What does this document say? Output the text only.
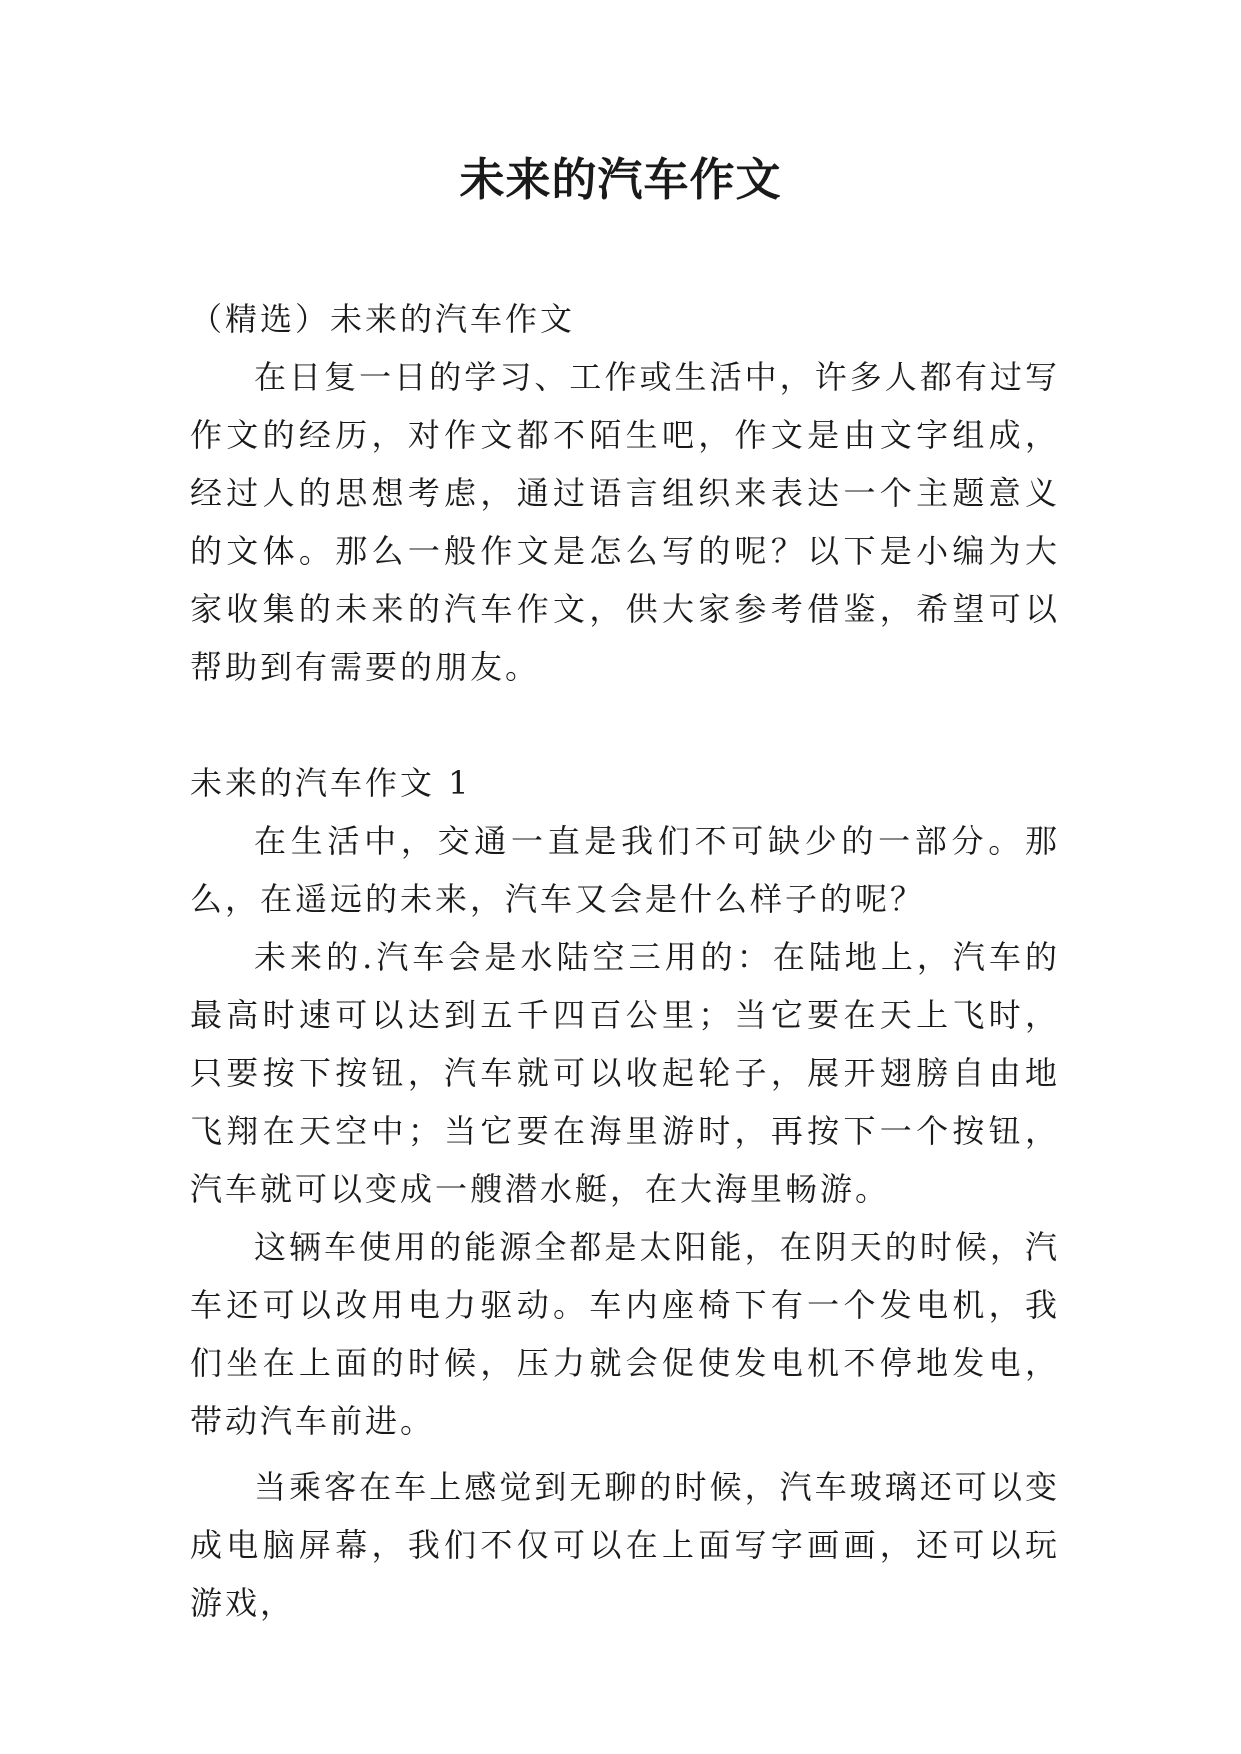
未来的汽车作文

（精选）未来的汽车作文

在日复一日的学习、工作或生活中，许多人都有过写作文的经历，对作文都不陌生吧，作文是由文字组成，经过人的思想考虑，通过语言组织来表达一个主题意义的文体。那么一般作文是怎么写的呢？以下是小编为大家收集的未来的汽车作文，供大家参考借鉴，希望可以帮助到有需要的朋友。

未来的汽车作文 1

在生活中，交通一直是我们不可缺少的一部分。那么，在遥远的未来，汽车又会是什么样子的呢？

未来的.汽车会是水陆空三用的：在陆地上，汽车的最高时速可以达到五千四百公里；当它要在天上飞时，只要按下按钮，汽车就可以收起轮子，展开翅膀自由地飞翔在天空中；当它要在海里游时，再按下一个按钮，汽车就可以变成一艘潜水艇，在大海里畅游。

这辆车使用的能源全都是太阳能，在阴天的时候，汽车还可以改用电力驱动。车内座椅下有一个发电机，我们坐在上面的时候，压力就会促使发电机不停地发电，带动汽车前进。

当乘客在车上感觉到无聊的时候，汽车玻璃还可以变成电脑屏幕，我们不仅可以在上面写字画画，还可以玩游戏，
